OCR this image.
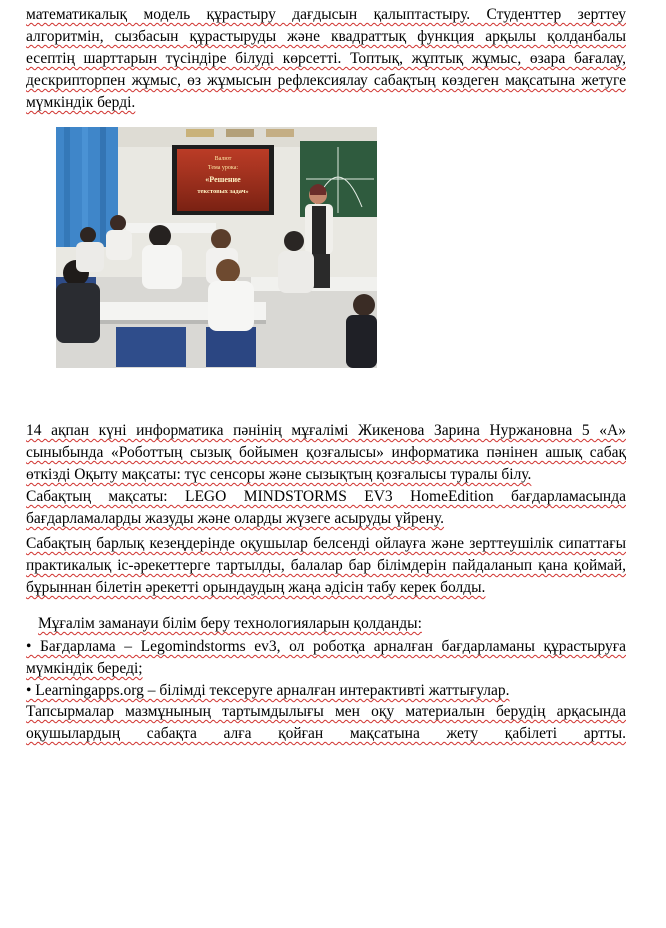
математикалық модель құрастыру дағдысын қалыптастыру. Студенттер зерттеу алгоритмін, сызбасын құрастыруды және квадраттық функция арқылы қолданбалы есептің шарттарын түсіндіре білуді көрсетті. Топтық, жұптық жұмыс, өзара бағалау, дескрипторпен жұмыс, өз жұмысын рефлексиялау сабақтың көздеген мақсатына жетуге мүмкіндік берді.

Валют
Тема урока:
«Решение
текстовых задач»

14 ақпан күні информатика пәнінің мұғалімі Жикенова Зарина Нуржановна 5 «А» сыныбында «Роботтың сызық бойымен қозғалысы» информатика пәнінен ашық сабақ өткізді Оқыту мақсаты: түс сенсоры және сызықтың қозғалысы туралы білу.

Сабақтың мақсаты: LEGO MINDSTORMS EV3 HomeEdition бағдарламасында бағдарламаларды жазуды және оларды жүзеге асыруды үйрену.

Сабақтың барлық кезеңдерінде оқушылар белсенді ойлауға және зерттеушілік сипаттағы практикалық іс-әрекеттерге тартылды, балалар бар білімдерін пайдаланып қана қоймай, бұрыннан білетін әрекетті орындаудың жаңа әдісін табу керек болды.

Мұғалім заманауи білім беру технологияларын қолданды:

• Бағдарлама – Legomindstorms ev3, ол роботқа арналған бағдарламаны құрастыруға мүмкіндік береді;

• Learningapps.org – білімді тексеруге арналған интерактивті жаттығулар.

Тапсырмалар мазмұнының тартымдылығы мен оқу материалын берудің арқасында оқушылардың сабақта алға қойған мақсатына жету қабілеті артты.
